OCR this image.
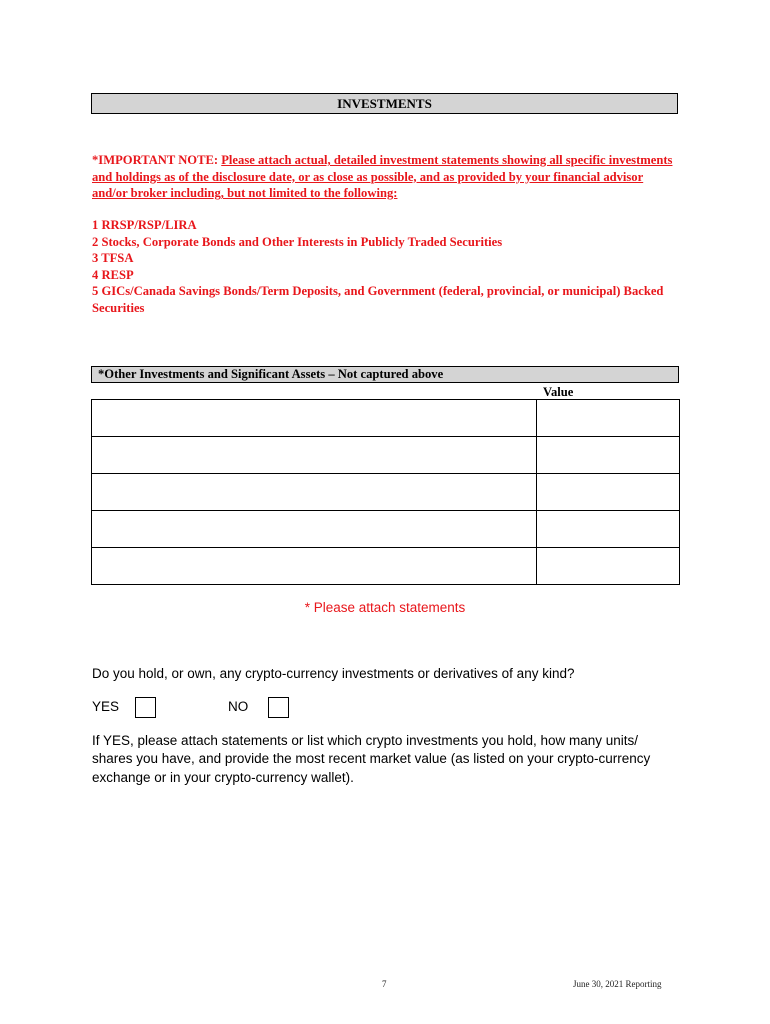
INVESTMENTS
*IMPORTANT NOTE: Please attach actual, detailed investment statements showing all specific investments and holdings as of the disclosure date, or as close as possible, and as provided by your financial advisor and/or broker including, but not limited to the following:
1 RRSP/RSP/LIRA
2 Stocks, Corporate Bonds and Other Interests in Publicly Traded Securities
3 TFSA
4 RESP
5 GICs/Canada Savings Bonds/Term Deposits, and Government (federal, provincial, or municipal) Backed Securities
*Other Investments and Significant Assets – Not captured above
Value

* Please attach statements
Do you hold, or own, any crypto-currency investments or derivatives of any kind?
YES	NO
If YES, please attach statements or list which crypto investments you hold, how many units/ shares you have, and provide the most recent market value (as listed on your crypto-currency exchange or in your crypto-currency wallet).
7	June 30, 2021 Reporting
